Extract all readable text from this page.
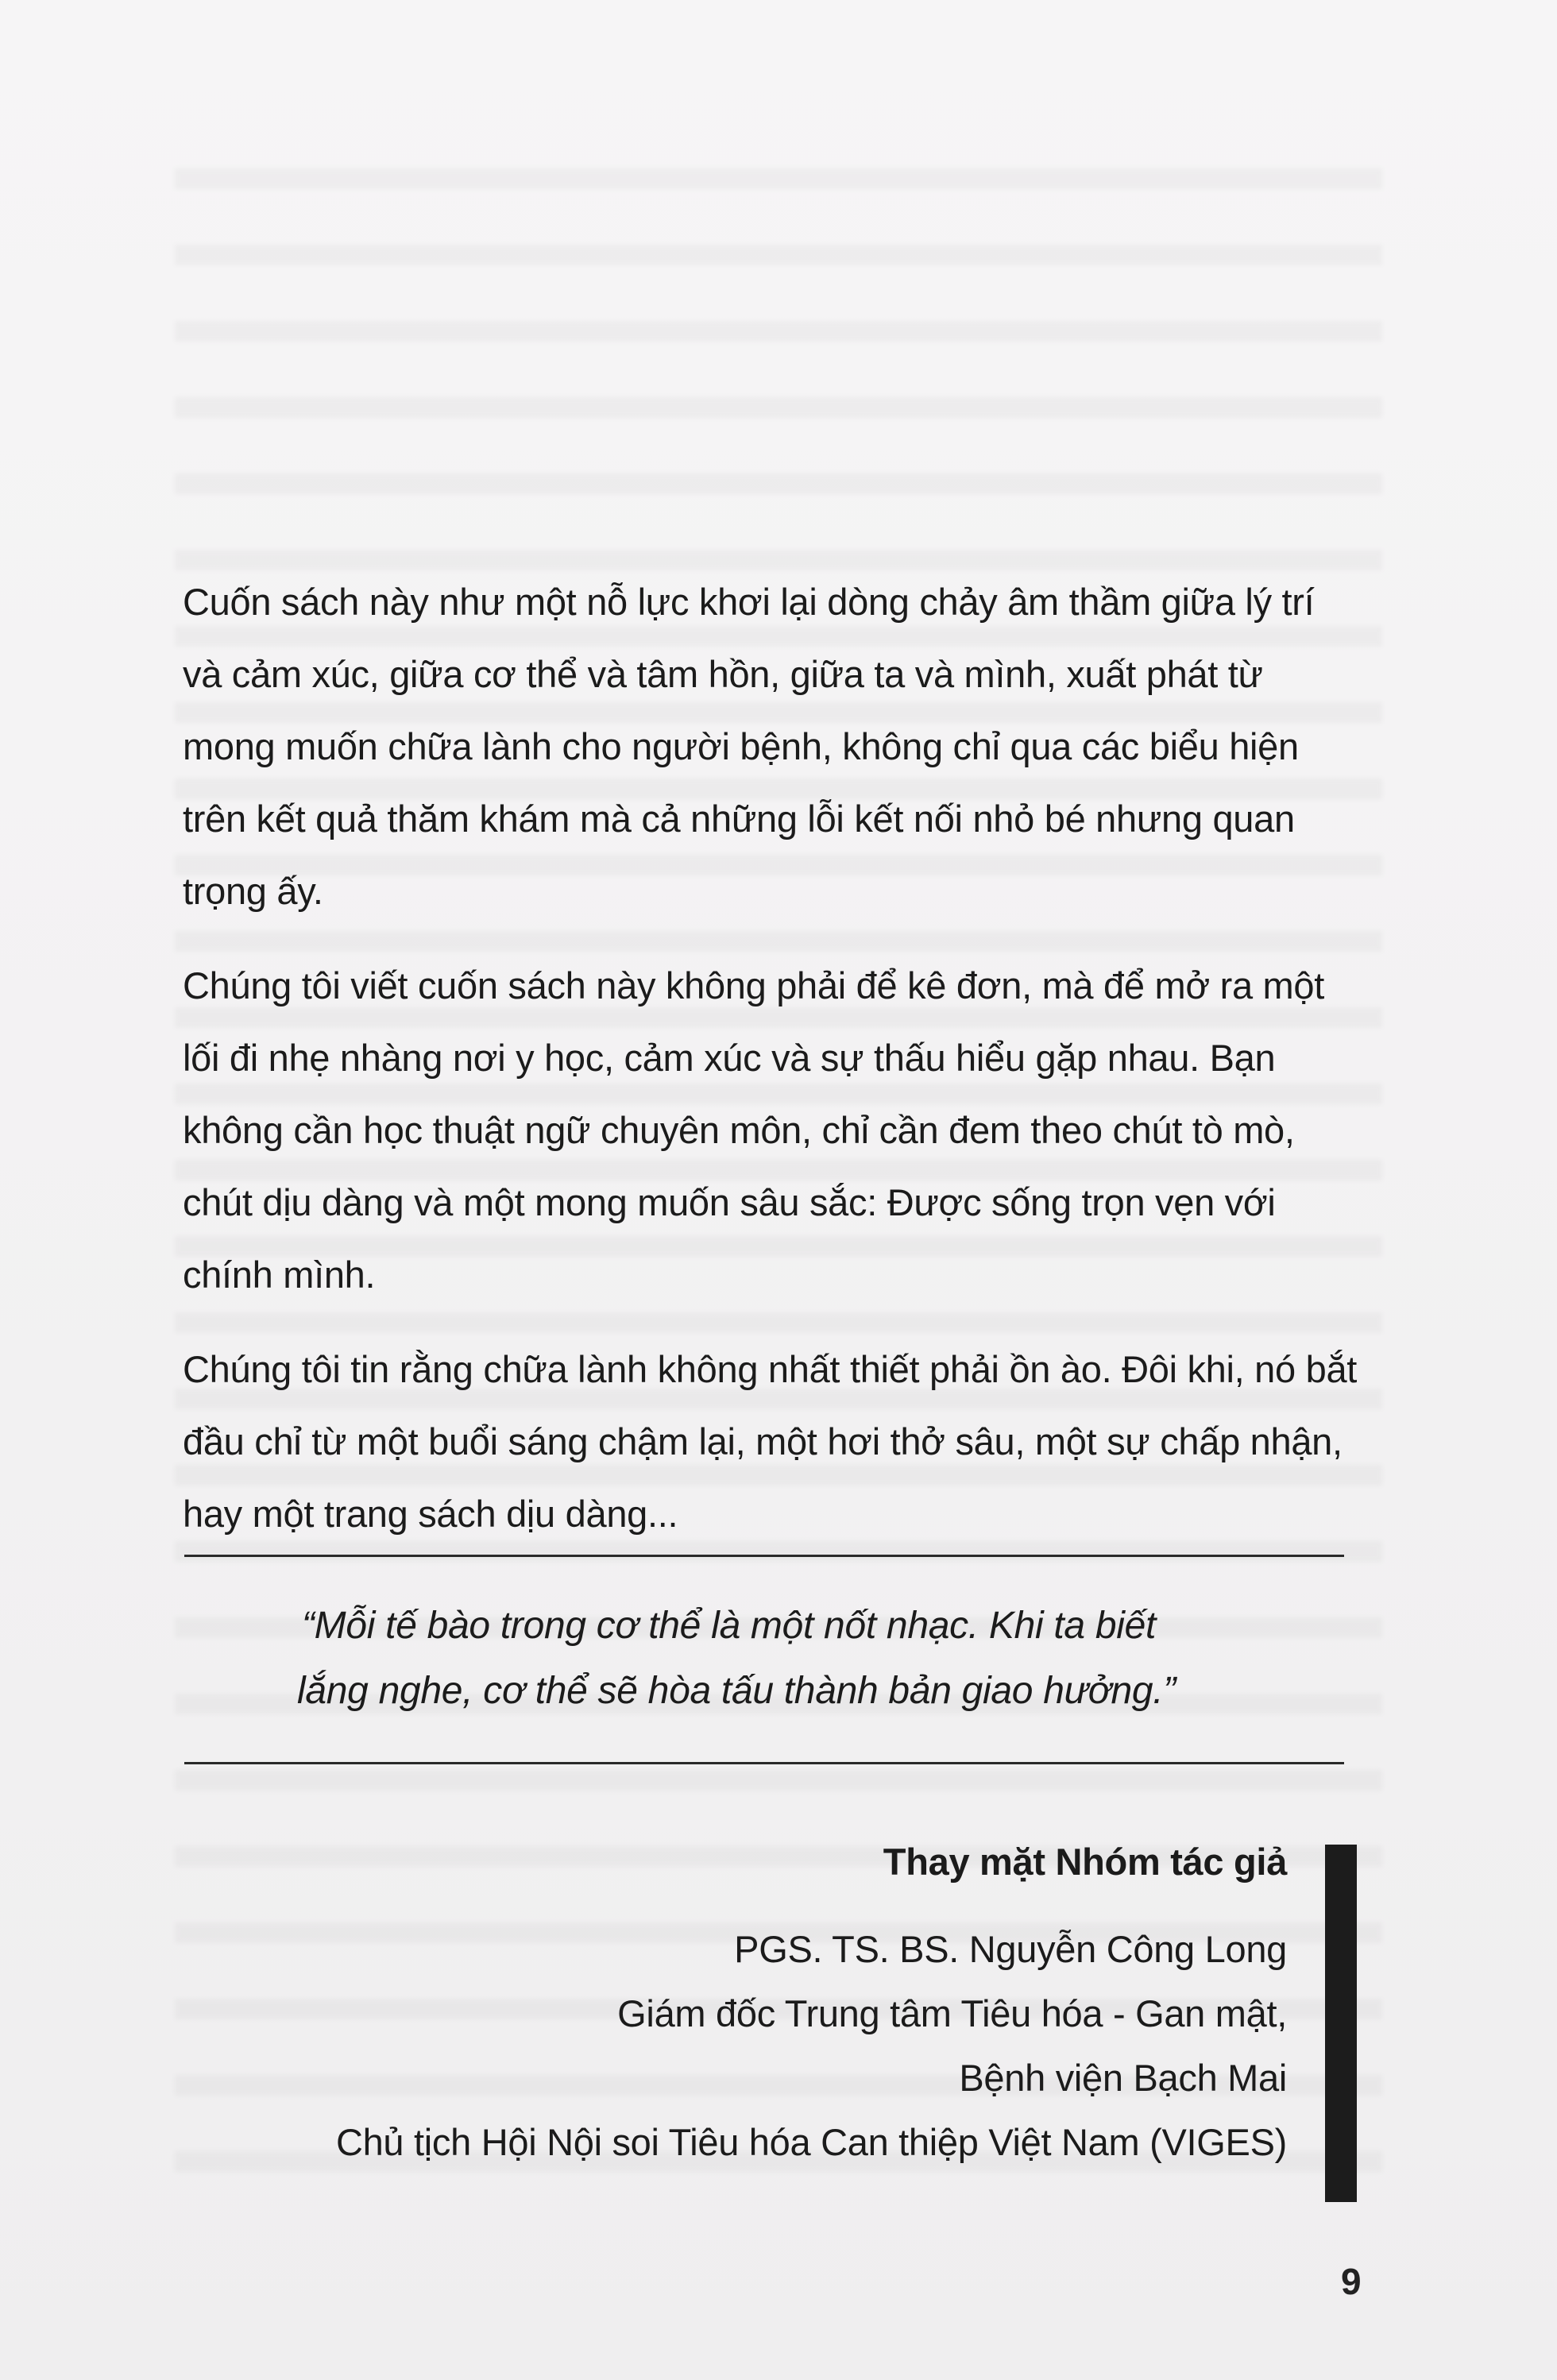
Cuốn sách này như một nỗ lực khơi lại dòng chảy âm thầm giữa lý trí và cảm xúc, giữa cơ thể và tâm hồn, giữa ta và mình, xuất phát từ mong muốn chữa lành cho người bệnh, không chỉ qua các biểu hiện trên kết quả thăm khám mà cả những lỗi kết nối nhỏ bé nhưng quan trọng ấy.

Chúng tôi viết cuốn sách này không phải để kê đơn, mà để mở ra một lối đi nhẹ nhàng nơi y học, cảm xúc và sự thấu hiểu gặp nhau. Bạn không cần học thuật ngữ chuyên môn, chỉ cần đem theo chút tò mò, chút dịu dàng và một mong muốn sâu sắc: Được sống trọn vẹn với chính mình.

Chúng tôi tin rằng chữa lành không nhất thiết phải ồn ào. Đôi khi, nó bắt đầu chỉ từ một buổi sáng chậm lại, một hơi thở sâu, một sự chấp nhận, hay một trang sách dịu dàng...

“Mỗi tế bào trong cơ thể là một nốt nhạc. Khi ta biết
lắng nghe, cơ thể sẽ hòa tấu thành bản giao hưởng.”
Thay mặt Nhóm tác giả
PGS. TS. BS. Nguyễn Công Long
Giám đốc Trung tâm Tiêu hóa - Gan mật,
Bệnh viện Bạch Mai
Chủ tịch Hội Nội soi Tiêu hóa Can thiệp Việt Nam (VIGES)
9
